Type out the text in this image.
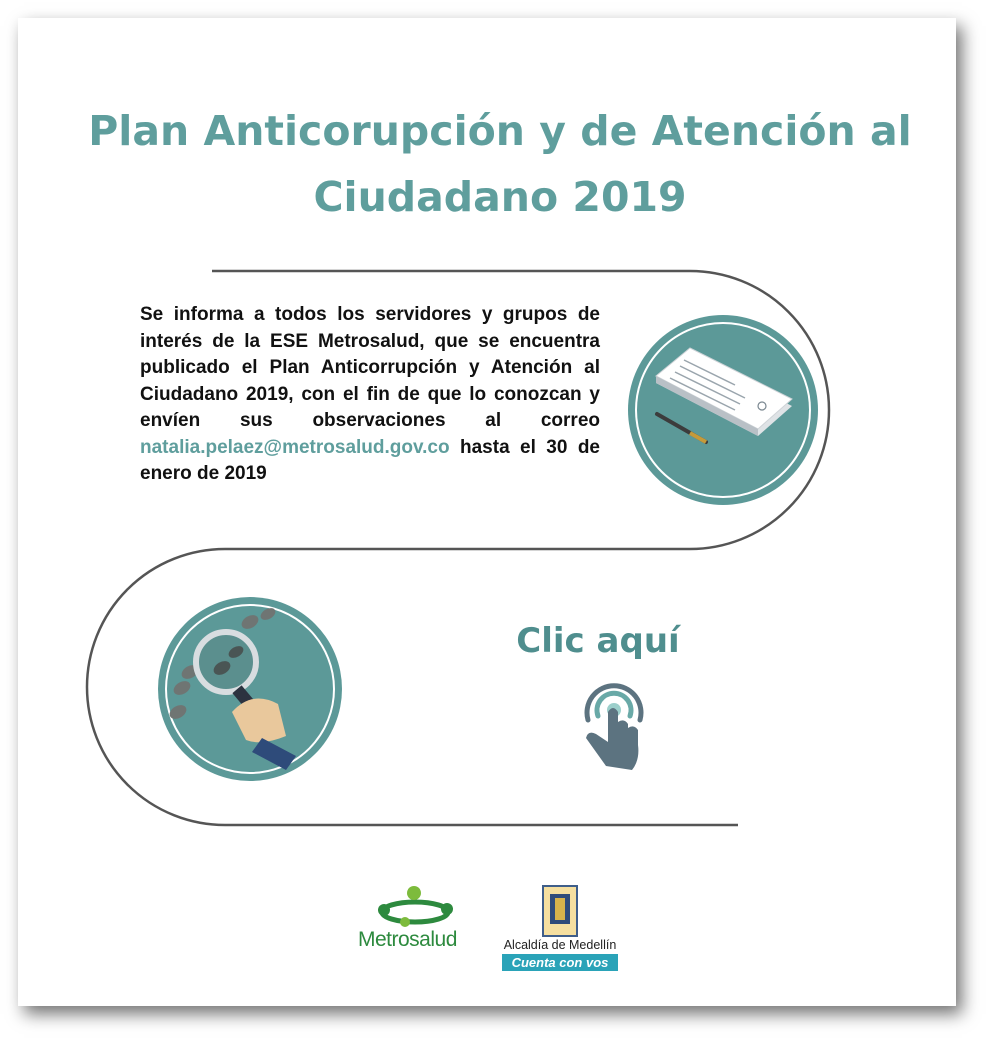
Plan Anticorupción y de Atención al
Ciudadano 2019
Se informa a todos los servidores y grupos de interés de la ESE Metrosalud, que se encuentra publicado el Plan Anticorrupción y Atención al Ciudadano 2019, con el fin de que lo conozcan y envíen sus observaciones al correo natalia.pelaez@metrosalud.gov.co hasta el 30 de enero de 2019
Clic aquí
Metrosalud	Alcaldía de Medellín
Cuenta con vos
